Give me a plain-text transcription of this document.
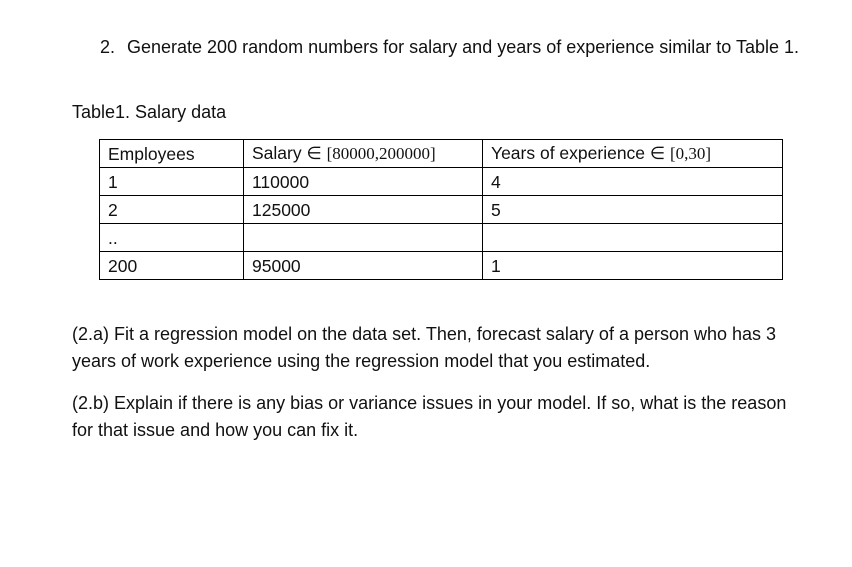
2. Generate 200 random numbers for salary and years of experience similar to Table 1.
Table1. Salary data
Employees	Salary ∈ [80000,200000]	Years of experience ∈ [0,30]
1	110000	4
2	125000	5
..		
200	95000	1
(2.a) Fit a regression model on the data set. Then, forecast salary of a person who has 3 years of work experience using the regression model that you estimated.
(2.b) Explain if there is any bias or variance issues in your model. If so, what is the reason for that issue and how you can fix it.
